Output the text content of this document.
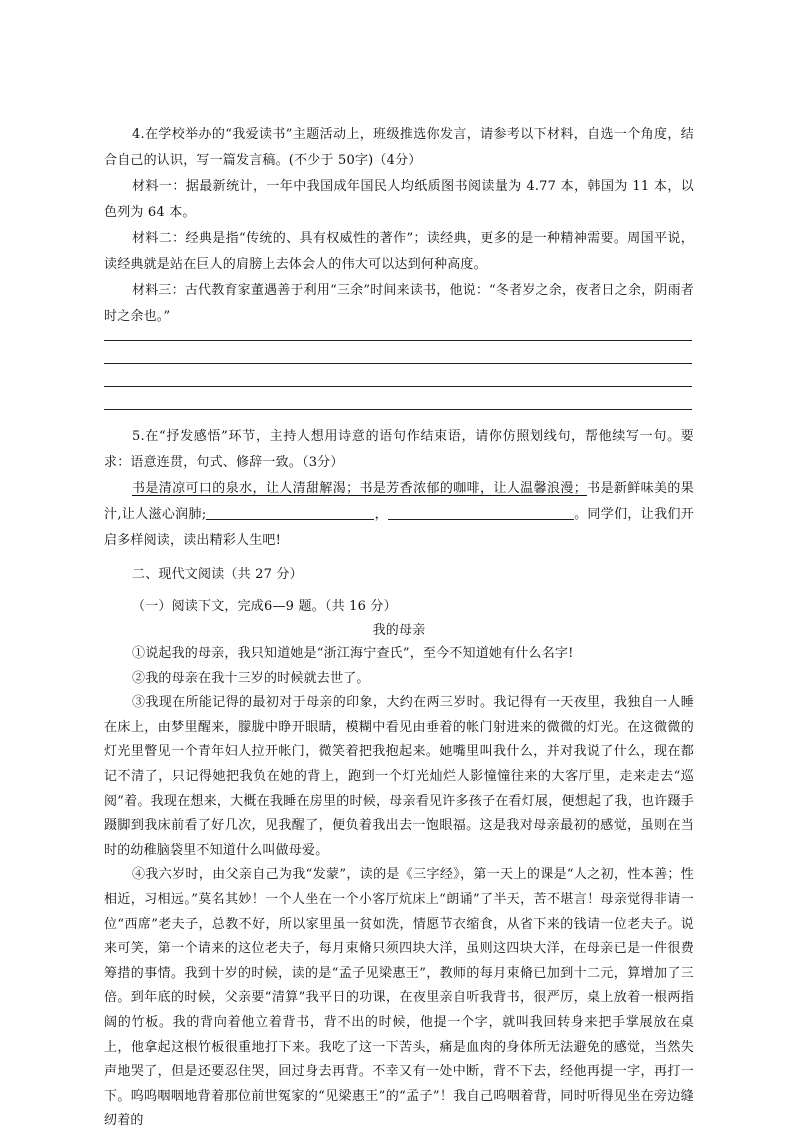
4.在学校举办的“我爱读书”主题活动上，班级推选你发言，请参考以下材料，自选一个角度，结合自己的认识，写一篇发言稿。(不少于 50字)（4分）

材料一：据最新统计，一年中我国成年国民人均纸质图书阅读量为 4.77 本，韩国为 11 本，以色列为 64 本。

材料二：经典是指“传统的、具有权威性的著作”；读经典，更多的是一种精神需要。周国平说，读经典就是站在巨人的肩膀上去体会人的伟大可以达到何种高度。

材料三：古代教育家董遇善于利用“三余”时间来读书，他说：“冬者岁之余，夜者日之余，阴雨者时之余也。”

5.在“抒发感悟”环节，主持人想用诗意的语句作结束语，请你仿照划线句，帮他续写一句。要求：语意连贯，句式、修辞一致。（3分）

书是清凉可口的泉水，让人清甜解渴；书是芳香浓郁的咖啡，让人温馨浪漫；书是新鲜味美的果汁,让人滋心润肺;	，	。同学们，让我们开启多样阅读，读出精彩人生吧!

二、现代文阅读（共 27 分）

（一）阅读下文，完成6—9 题。（共 16 分）

我的母亲

①说起我的母亲，我只知道她是“浙江海宁查氏”，至今不知道她有什么名字!

②我的母亲在我十三岁的时候就去世了。

③我现在所能记得的最初对于母亲的印象，大约在两三岁时。我记得有一天夜里，我独自一人睡在床上，由梦里醒来，朦胧中睁开眼睛，模糊中看见由垂着的帐门射进来的微微的灯光。在这微微的灯光里瞥见一个青年妇人拉开帐门，微笑着把我抱起来。她嘴里叫我什么，并对我说了什么，现在都记不清了，只记得她把我负在她的背上，跑到一个灯光灿烂人影憧憧往来的大客厅里，走来走去“巡阅”着。我现在想来，大概在我睡在房里的时候，母亲看见许多孩子在看灯展，便想起了我，也许蹑手蹑脚到我床前看了好几次，见我醒了，便负着我出去一饱眼福。这是我对母亲最初的感觉，虽则在当时的幼稚脑袋里不知道什么叫做母爱。

④我六岁时，由父亲自己为我“发蒙”，读的是《三字经》，第一天上的课是“人之初，性本善；性相近，习相远。”莫名其妙！一个人坐在一个小客厅炕床上“朗诵”了半天，苦不堪言！母亲觉得非请一位“西席”老夫子，总教不好，所以家里虽一贫如洗，情愿节衣缩食，从省下来的钱请一位老夫子。说来可笑，第一个请来的这位老夫子，每月束脩只须四块大洋，虽则这四块大洋，在母亲已是一件很费筹措的事情。我到十岁的时候，读的是“孟子见梁惠王”，教师的每月束脩已加到十二元，算增加了三倍。到年底的时候，父亲要“清算”我平日的功课，在夜里亲自听我背书，很严厉，桌上放着一根两指阔的竹板。我的背向着他立着背书，背不出的时候，他提一个字，就叫我回转身来把手掌展放在桌上，他拿起这根竹板很重地打下来。我吃了这一下苦头，痛是血肉的身体所无法避免的感觉，当然失声地哭了，但是还要忍住哭，回过身去再背。不幸又有一处中断，背不下去，经他再提一字，再打一下。呜呜咽咽地背着那位前世冤家的“见梁惠王”的“孟子”！我自己呜咽着背，同时听得见坐在旁边缝纫着的
